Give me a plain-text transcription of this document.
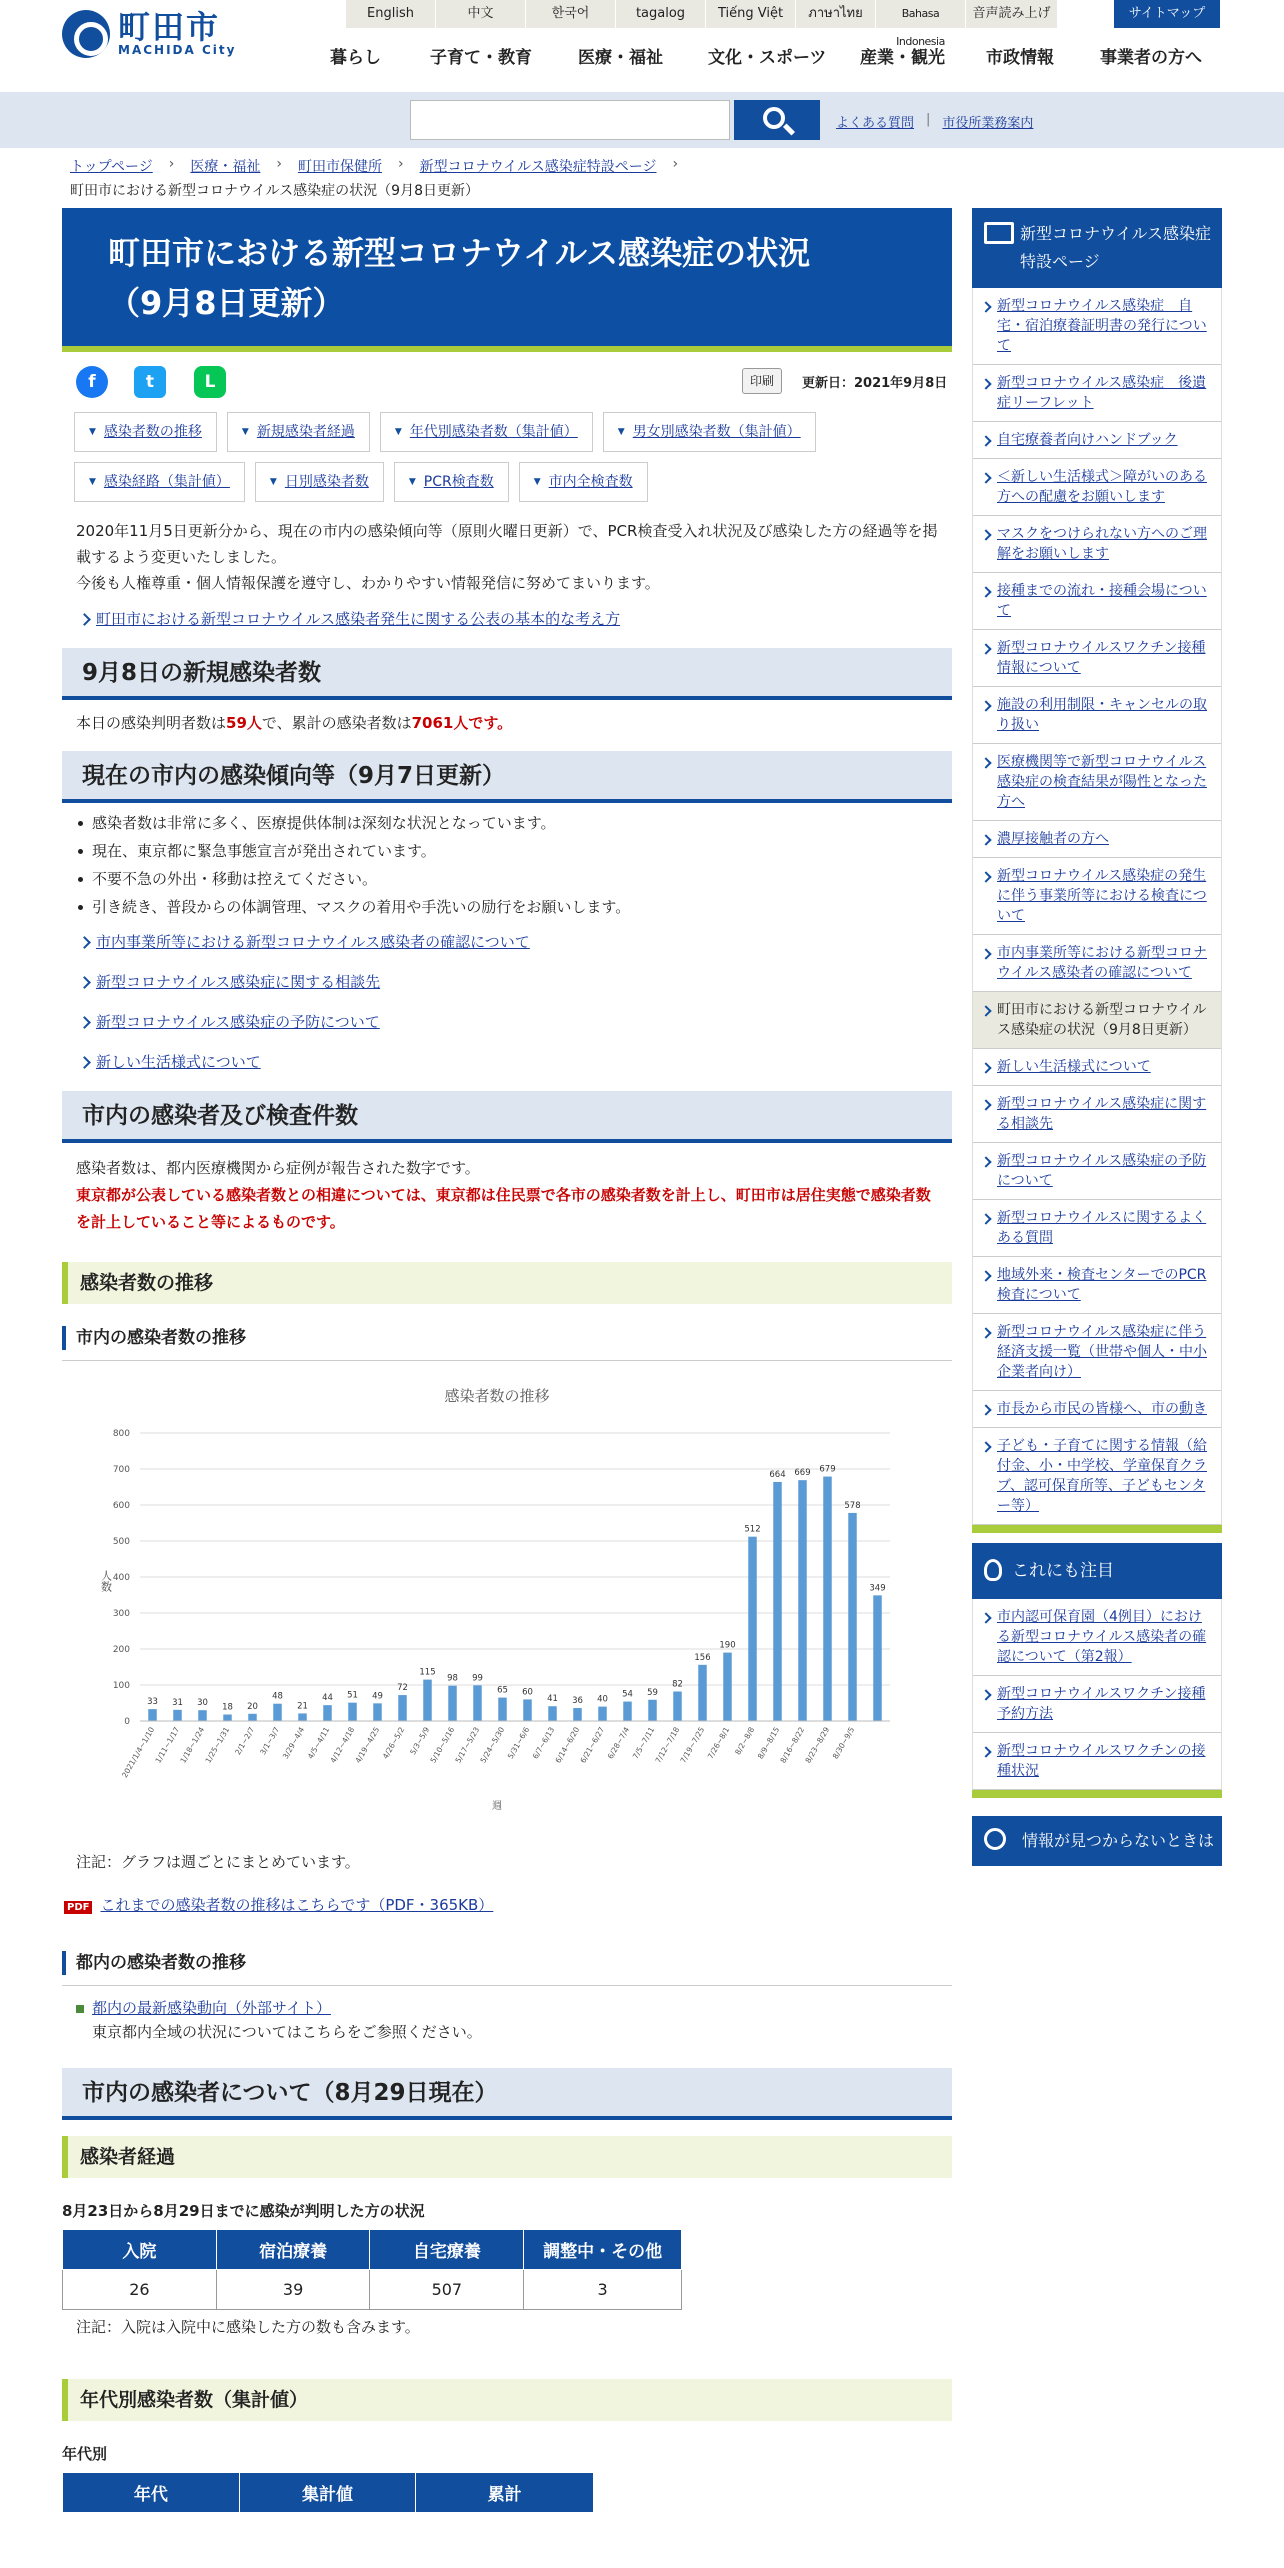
町田市
MACHIDA City
English	中文	한국어	tagalog	Tiếng Việt	ภาษาไทย	Bahasa Indonesia
音声読み上げ	サイトマップ
暮らし	子育て・教育	医療・福祉	文化・スポーツ	産業・観光	市政情報	事業者の方へ
よくある質問 | 市役所業務案内
トップページ › 医療・福祉 › 町田市保健所 › 新型コロナウイルス感染症特設ページ ›
町田市における新型コロナウイルス感染症の状況（9月8日更新）
町田市における新型コロナウイルス感染症の状況
（9月8日更新）
f	t	L	印刷	更新日：2021年9月8日
▼ 感染者数の推移	▼ 新規感染者経過	▼ 年代別感染者数（集計値）	▼ 男女別感染者数（集計値）
▼ 感染経路（集計値）	▼ 日別感染者数	▼ PCR検査数	▼ 市内全検査数

2020年11月5日更新分から、現在の市内の感染傾向等（原則火曜日更新）で、PCR検査受入れ状況及び感染した方の経過等を掲載するよう変更いたしました。

今後も人権尊重・個人情報保護を遵守し、わかりやすい情報発信に努めてまいります。

町田市における新型コロナウイルス感染者発生に関する公表の基本的な考え方
9月8日の新規感染者数

本日の感染判明者数は59人で、累計の感染者数は7061人です。

現在の市内の感染傾向等（9月7日更新）
感染者数は非常に多く、医療提供体制は深刻な状況となっています。
現在、東京都に緊急事態宣言が発出されています。
不要不急の外出・移動は控えてください。
引き続き、普段からの体調管理、マスクの着用や手洗いの励行をお願いします。
市内事業所等における新型コロナウイルス感染者の確認について
新型コロナウイルス感染症に関する相談先
新型コロナウイルス感染症の予防について
新しい生活様式について
市内の感染者及び検査件数

感染者数は、都内医療機関から症例が報告された数字です。

東京都が公表している感染者数との相違については、東京都は住民票で各市の感染者数を計上し、町田市は居住実態で感染者数を計上していること等によるものです。

感染者数の推移
市内の感染者数の推移
感染者数の推移
0
100
200
300
400
500
600
700
800
人数
33
2021/1/4~1/10
31
1/11~1/17
30
1/18~1/24
18
1/25~1/31
20
2/1~2/7
48
3/1~3/7
21
3/29~4/4
44
4/5~4/11
51
4/12~4/18
49
4/19~4/25
72
4/26~5/2
115
5/3~5/9
98
5/10~5/16
99
5/17~5/23
65
5/24~5/30
60
5/31~6/6
41
6/7~6/13
36
6/14~6/20
40
6/21~6/27
54
6/28~7/4
59
7/5~7/11
82
7/12~7/18
156
7/19~7/25
190
7/26~8/1
512
8/2~8/8
664
8/9~8/15
669
8/16~8/22
679
8/23~8/29
578
8/30~9/5
349
週

注記：グラフは週ごとにまとめています。

PDF これまでの感染者数の推移はこちらです（PDF・365KB）
都内の感染者数の推移
都内の最新感染動向（外部サイト）
東京都内全域の状況についてはこちらをご参照ください。
市内の感染者について（8月29日現在）
感染者経過

8月23日から8月29日までに感染が判明した方の状況

入院	宿泊療養	自宅療養	調整中・その他
26	39	507	3

注記：入院は入院中に感染した方の数も含みます。

年代別感染者数（集計値）

年代別

年代	集計値	累計
新型コロナウイルス感染症特設ページ
新型コロナウイルス感染症　自宅・宿泊療養証明書の発行について
新型コロナウイルス感染症　後遺症リーフレット
自宅療養者向けハンドブック
＜新しい生活様式＞障がいのある方への配慮をお願いします
マスクをつけられない方へのご理解をお願いします
接種までの流れ・接種会場について
新型コロナウイルスワクチン接種情報について
施設の利用制限・キャンセルの取り扱い
医療機関等で新型コロナウイルス感染症の検査結果が陽性となった方へ
濃厚接触者の方へ
新型コロナウイルス感染症の発生に伴う事業所等における検査について
市内事業所等における新型コロナウイルス感染者の確認について
町田市における新型コロナウイルス感染症の状況（9月8日更新）
新しい生活様式について
新型コロナウイルス感染症に関する相談先
新型コロナウイルス感染症の予防について
新型コロナウイルスに関するよくある質問
地域外来・検査センターでのPCR検査について
新型コロナウイルス感染症に伴う経済支援一覧（世帯や個人・中小企業者向け）
市長から市民の皆様へ、市の動き
子ども・子育てに関する情報（給付金、小・中学校、学童保育クラブ、認可保育所等、子どもセンター等）
これにも注目
市内認可保育園（4例目）における新型コロナウイルス感染者の確認について（第2報）
新型コロナウイルスワクチン接種予約方法
新型コロナウイルスワクチンの接種状況
情報が見つからないときは
